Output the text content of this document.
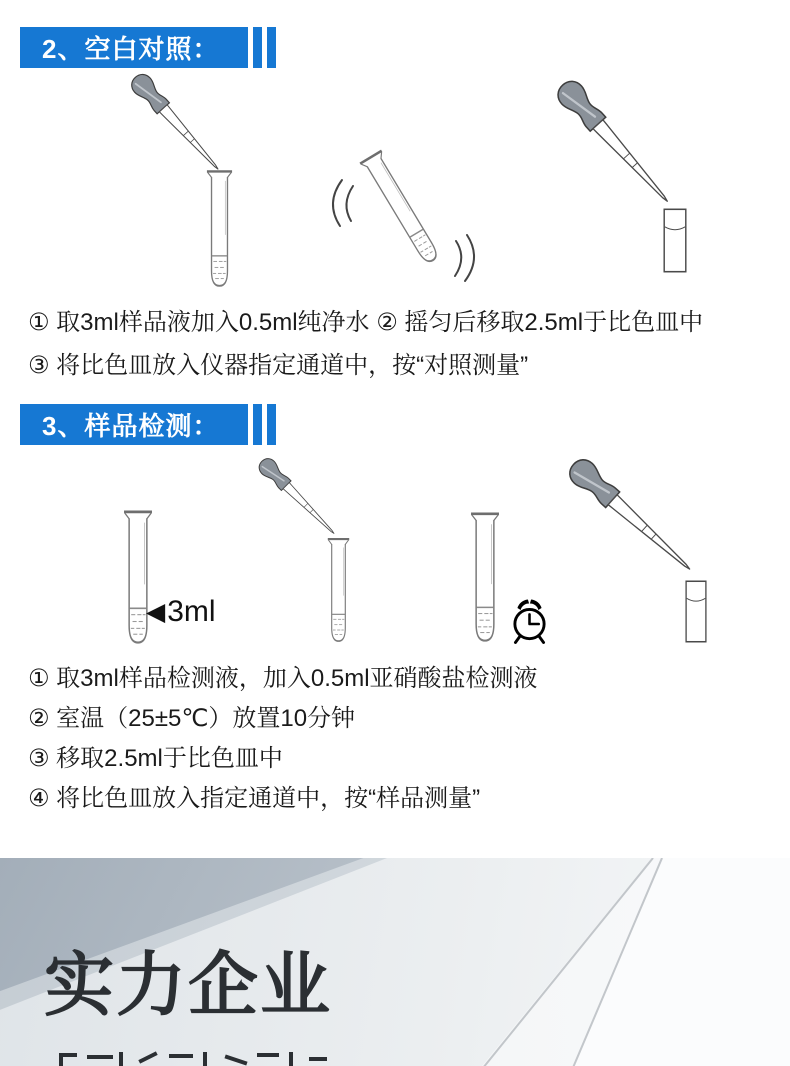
2、空白对照：
① 取3ml样品液加入0.5ml纯净水 ② 摇匀后移取2.5ml于比色皿中
③ 将比色皿放入仪器指定通道中，按“对照测量”
3、样品检测：
◀ 3ml
① 取3ml样品检测液，加入0.5ml亚硝酸盐检测液
② 室温（25±5℃）放置10分钟
③ 移取2.5ml于比色皿中
④ 将比色皿放入指定通道中，按“样品测量”
实力企业
